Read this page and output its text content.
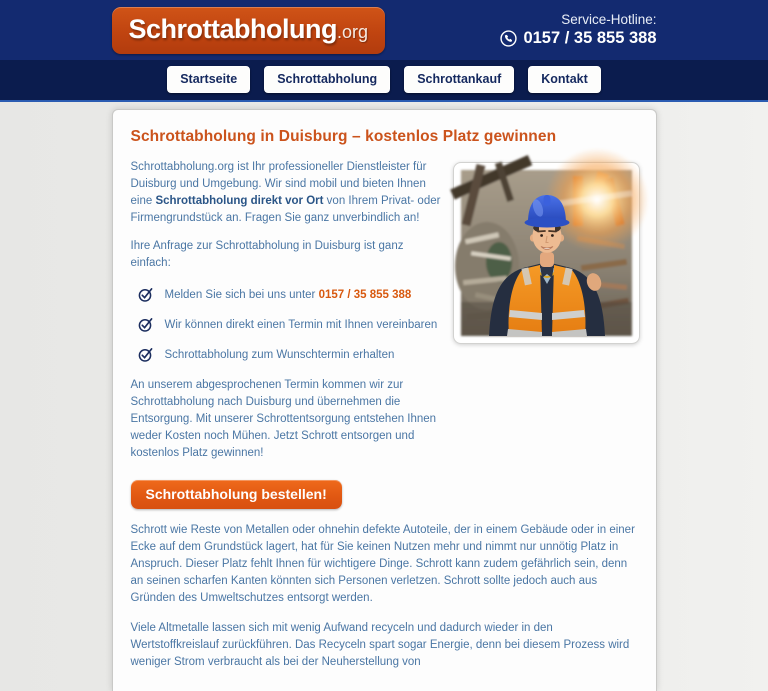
Schrottabholung .org
Service-Hotline:
0157 / 35 855 388
Startseite	Schrottabholung	Schrottankauf	Kontakt
Schrottabholung in Duisburg – kostenlos Platz gewinnen

Schrottabholung.org ist Ihr professioneller Dienstleister für Duisburg und Umgebung. Wir sind mobil und bieten Ihnen eine Schrottabholung direkt vor Ort von Ihrem Privat- oder Firmengrundstück an. Fragen Sie ganz unverbindlich an!

Ihre Anfrage zur Schrottabholung in Duisburg ist ganz einfach:

Melden Sie sich bei uns unter 0157 / 35 855 388
Wir können direkt einen Termin mit Ihnen vereinbaren
Schrottabholung zum Wunschtermin erhalten

An unserem abgesprochenen Termin kommen wir zur Schrottabholung nach Duisburg und übernehmen die Entsorgung. Mit unserer Schrottentsorgung entstehen Ihnen weder Kosten noch Mühen. Jetzt Schrott entsorgen und kostenlos Platz gewinnen!

Schrottabholung bestellen!

Schrott wie Reste von Metallen oder ohnehin defekte Autoteile, der in einem Gebäude oder in einer Ecke auf dem Grundstück lagert, hat für Sie keinen Nutzen mehr und nimmt nur unnötig Platz in Anspruch. Dieser Platz fehlt Ihnen für wichtigere Dinge. Schrott kann zudem gefährlich sein, denn an seinen scharfen Kanten könnten sich Personen verletzen. Schrott sollte jedoch auch aus Gründen des Umweltschutzes entsorgt werden.

Viele Altmetalle lassen sich mit wenig Aufwand recyceln und dadurch wieder in den Wertstoffkreislauf zurückführen. Das Recyceln spart sogar Energie, denn bei diesem Prozess wird weniger Strom verbraucht als bei der Neuherstellung von
